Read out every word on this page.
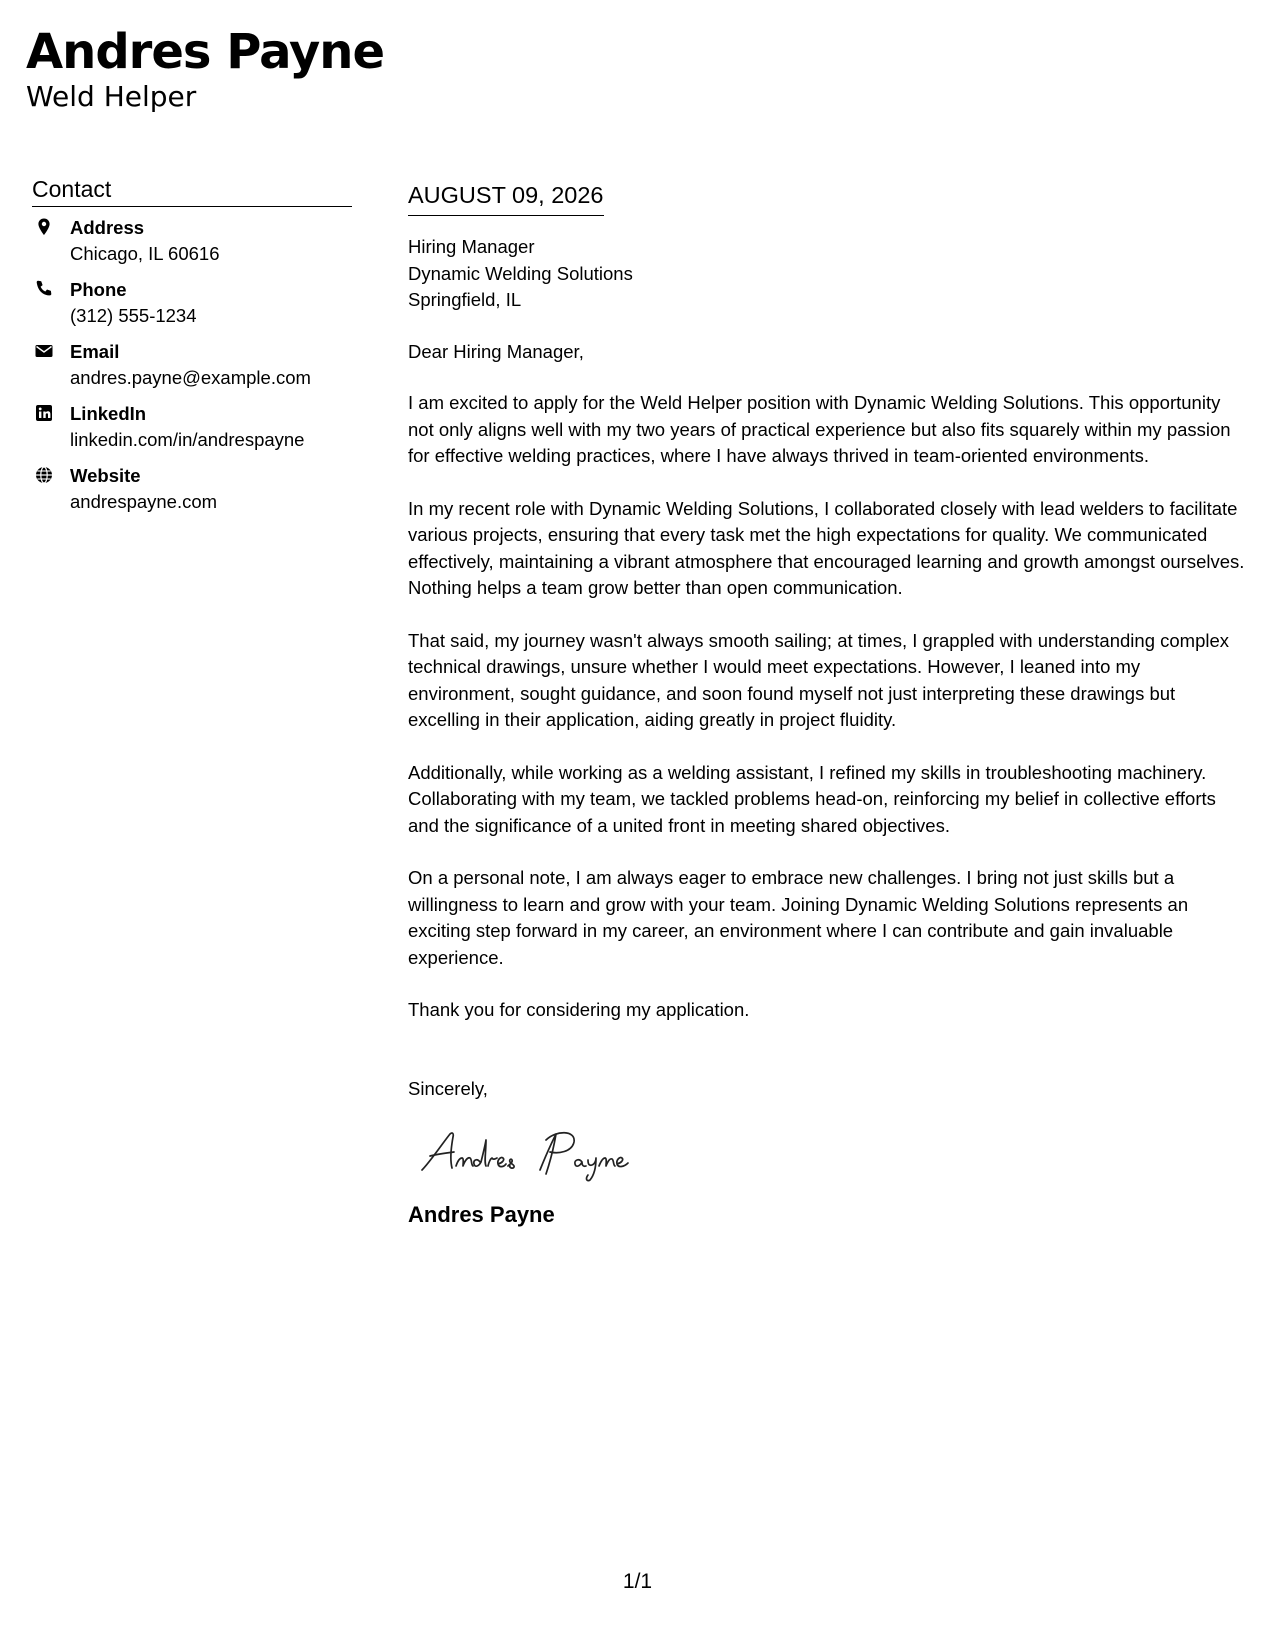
Andres Payne
Weld Helper
Contact
Address
Chicago, IL 60616
Phone
(312) 555-1234
Email
andres.payne@example.com
LinkedIn
linkedin.com/in/andrespayne
Website
andrespayne.com
AUGUST 09, 2026
Hiring Manager
Dynamic Welding Solutions
Springfield, IL

Dear Hiring Manager,

I am excited to apply for the Weld Helper position with Dynamic Welding Solutions. This opportunity not only aligns well with my two years of practical experience but also fits squarely within my passion for effective welding practices, where I have always thrived in team-oriented environments.

In my recent role with Dynamic Welding Solutions, I collaborated closely with lead welders to facilitate various projects, ensuring that every task met the high expectations for quality. We communicated effectively, maintaining a vibrant atmosphere that encouraged learning and growth amongst ourselves. Nothing helps a team grow better than open communication.

That said, my journey wasn't always smooth sailing; at times, I grappled with understanding complex technical drawings, unsure whether I would meet expectations. However, I leaned into my environment, sought guidance, and soon found myself not just interpreting these drawings but excelling in their application, aiding greatly in project fluidity.

Additionally, while working as a welding assistant, I refined my skills in troubleshooting machinery. Collaborating with my team, we tackled problems head-on, reinforcing my belief in collective efforts and the significance of a united front in meeting shared objectives.

On a personal note, I am always eager to embrace new challenges. I bring not just skills but a willingness to learn and grow with your team. Joining Dynamic Welding Solutions represents an exciting step forward in my career, an environment where I can contribute and gain invaluable experience.

Thank you for considering my application.

Sincerely,
Andres Payne
1/1
